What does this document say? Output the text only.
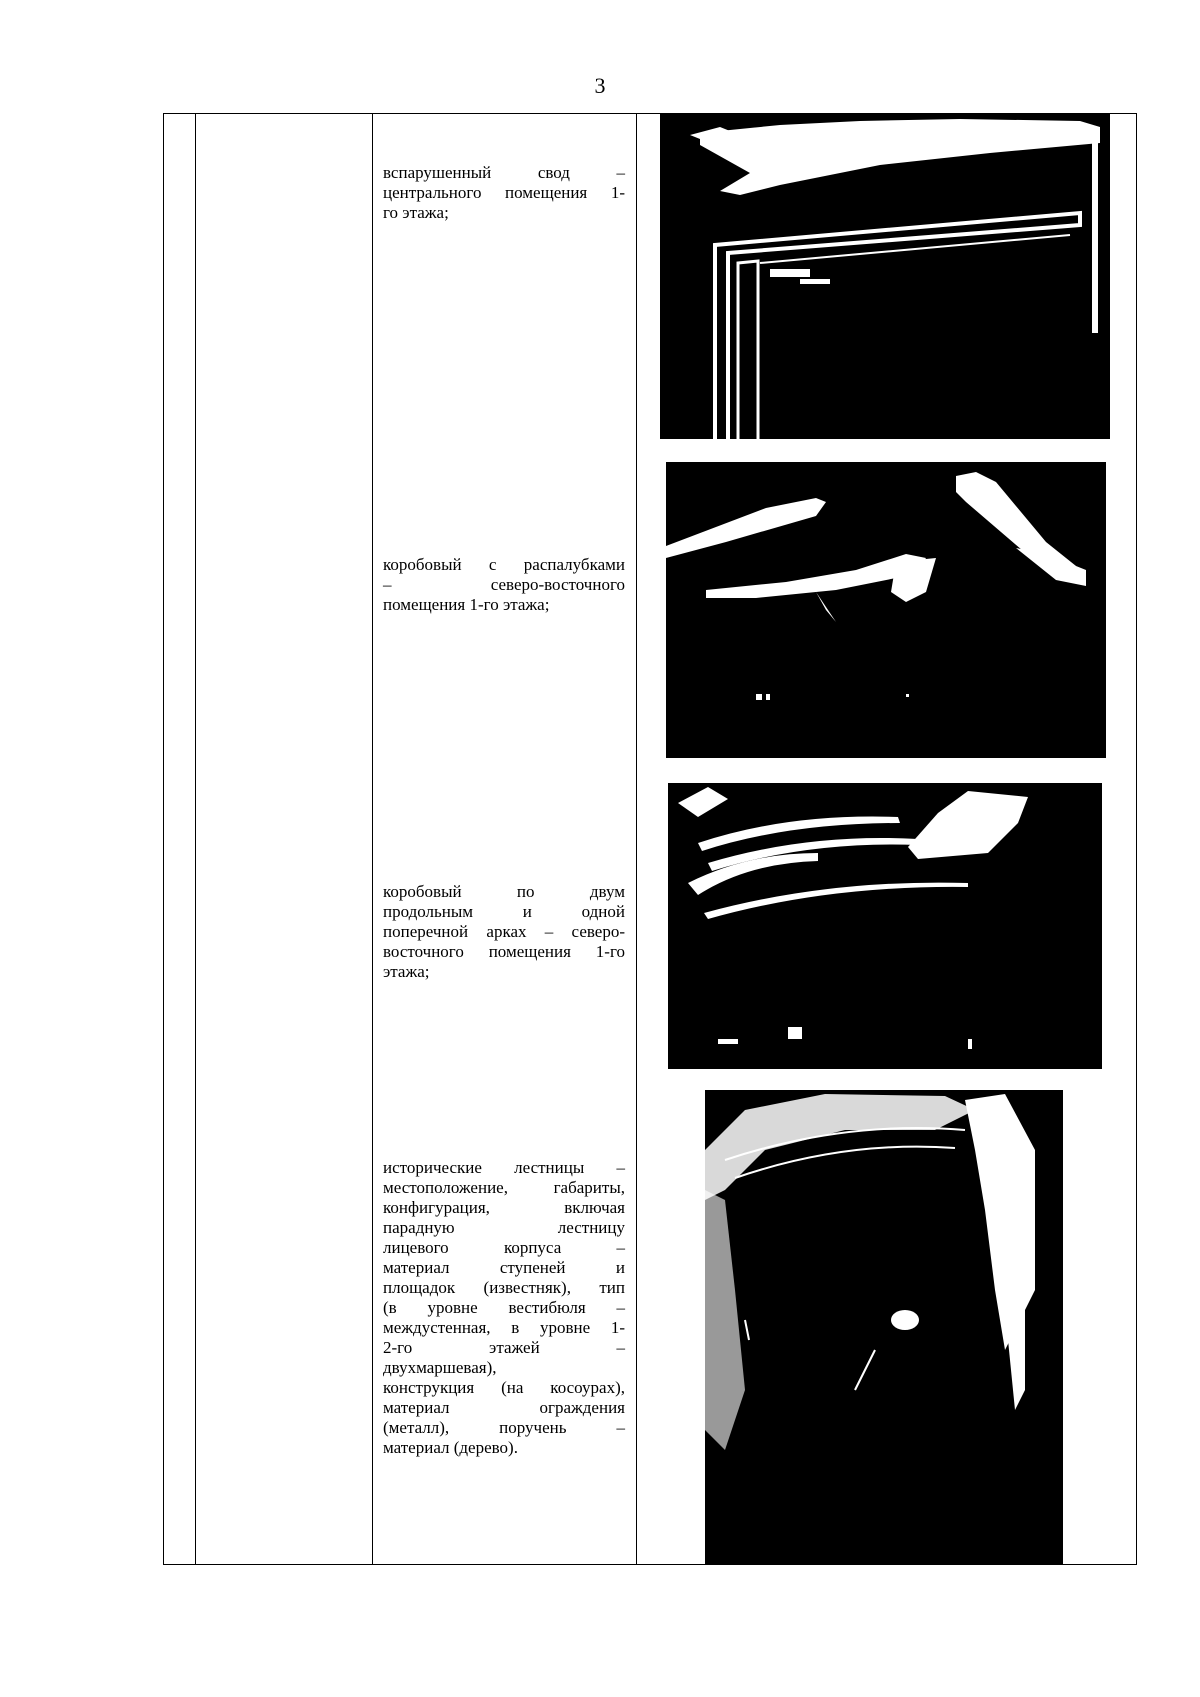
3
вспарушенный свод –
центрального помещения 1-
го этажа;
коробовый с распалубками
– северо-восточного
помещения 1-го этажа;
коробовый по двум
продольным и одной
поперечной арках – северо-
восточного помещения 1-го
этажа;
исторические лестницы –
местоположение, габариты,
конфигурация, включая
парадную лестницу
лицевого корпуса –
материал ступеней и
площадок (известняк), тип
(в уровне вестибюля –
междустенная, в уровне 1-
2-го этажей –
двухмаршевая),
конструкция (на косоурах),
материал ограждения
(металл), поручень –
материал (дерево).
